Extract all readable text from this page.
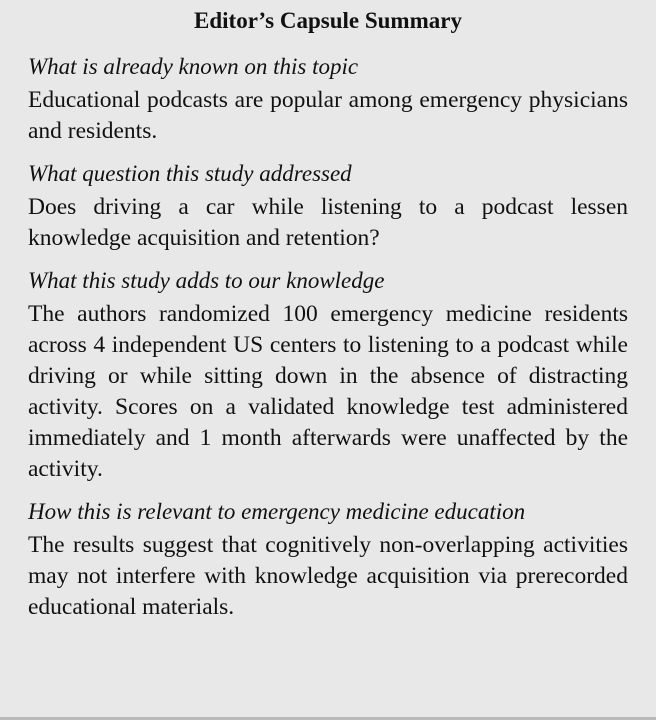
Editor’s Capsule Summary
What is already known on this topic
Educational podcasts are popular among emergency physicians and residents.
What question this study addressed
Does driving a car while listening to a podcast lessen knowledge acquisition and retention?
What this study adds to our knowledge
The authors randomized 100 emergency medicine residents across 4 independent US centers to listening to a podcast while driving or while sitting down in the absence of distracting activity. Scores on a validated knowledge test administered immediately and 1 month afterwards were unaffected by the activity.
How this is relevant to emergency medicine education
The results suggest that cognitively non-overlapping activities may not interfere with knowledge acquisition via prerecorded educational materials.
